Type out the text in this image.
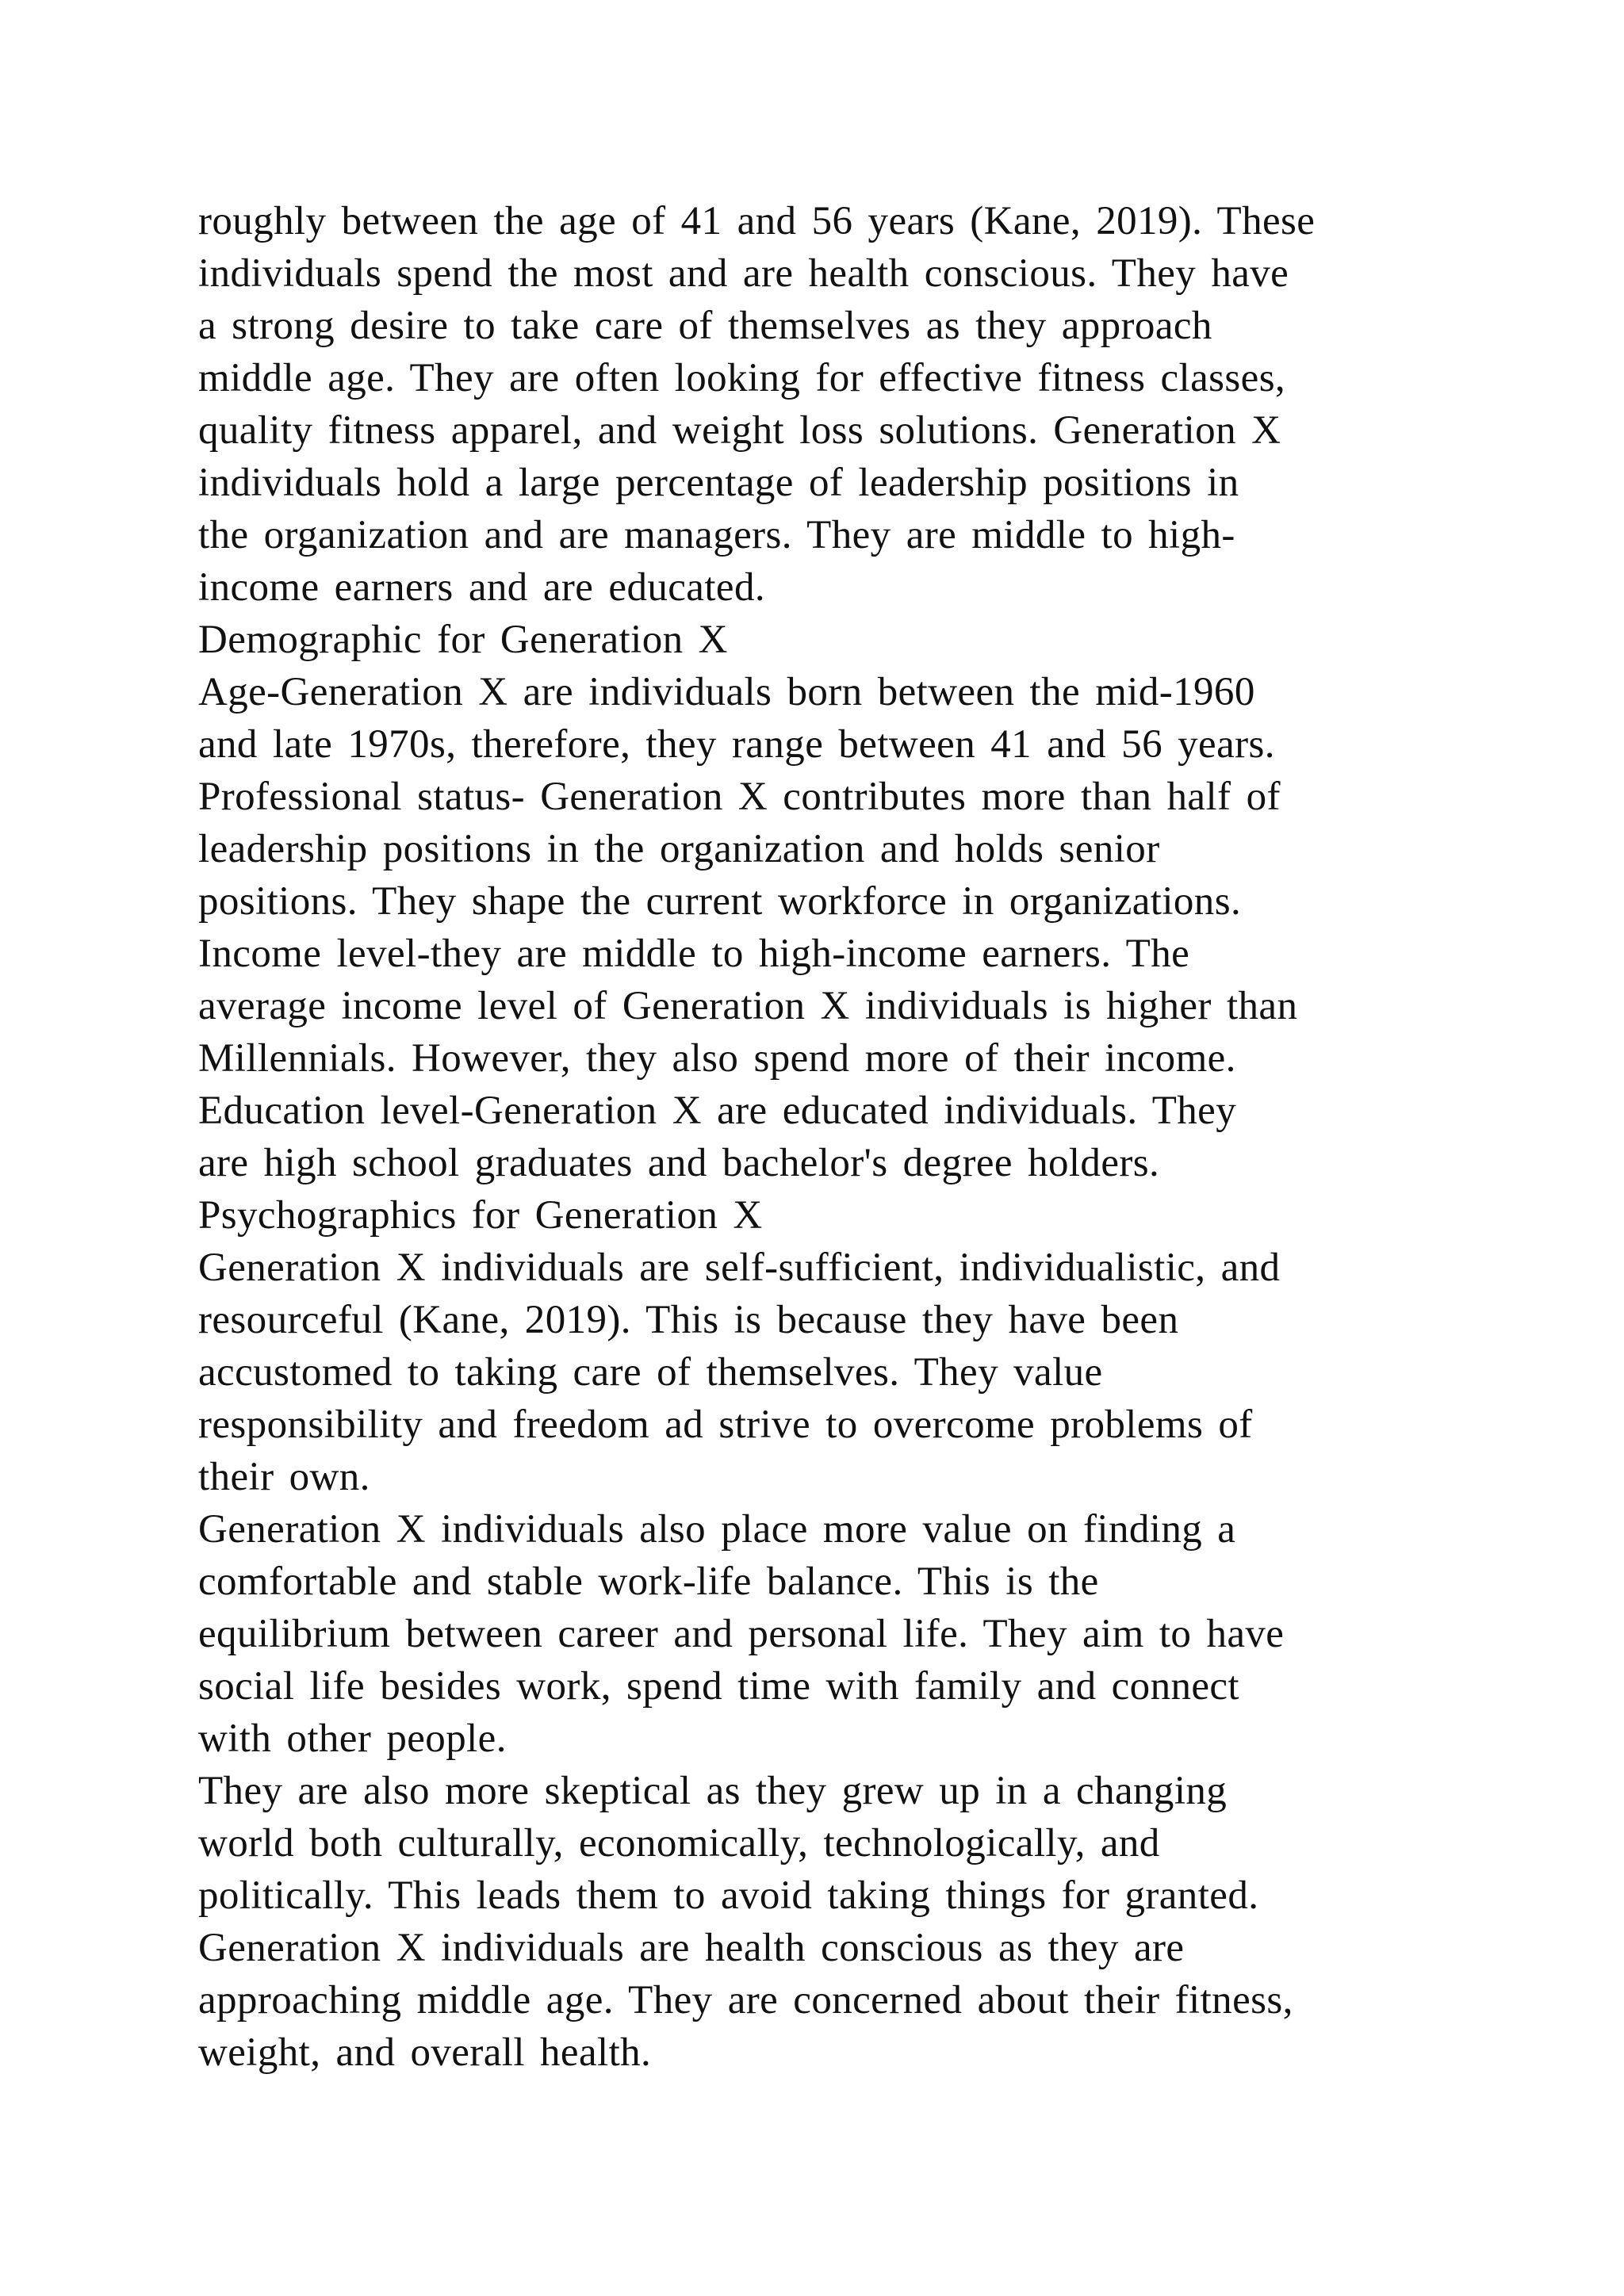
roughly between the age of 41 and 56 years (Kane, 2019). These
individuals spend the most and are health conscious. They have
a strong desire to take care of themselves as they approach
middle age. They are often looking for effective fitness classes,
quality fitness apparel, and weight loss solutions. Generation X
individuals hold a large percentage of leadership positions in
the organization and are managers. They are middle to high-
income earners and are educated.
Demographic for Generation X
Age-Generation X are individuals born between the mid-1960
and late 1970s, therefore, they range between 41 and 56 years.
Professional status- Generation X contributes more than half of
leadership positions in the organization and holds senior
positions. They shape the current workforce in organizations.
Income level-they are middle to high-income earners. The
average income level of Generation X individuals is higher than
Millennials. However, they also spend more of their income.
Education level-Generation X are educated individuals. They
are high school graduates and bachelor's degree holders.
Psychographics for Generation X
Generation X individuals are self-sufficient, individualistic, and
resourceful (Kane, 2019). This is because they have been
accustomed to taking care of themselves. They value
responsibility and freedom ad strive to overcome problems of
their own.
Generation X individuals also place more value on finding a
comfortable and stable work-life balance. This is the
equilibrium between career and personal life. They aim to have
social life besides work, spend time with family and connect
with other people.
They are also more skeptical as they grew up in a changing
world both culturally, economically, technologically, and
politically. This leads them to avoid taking things for granted.
Generation X individuals are health conscious as they are
approaching middle age. They are concerned about their fitness,
weight, and overall health.
